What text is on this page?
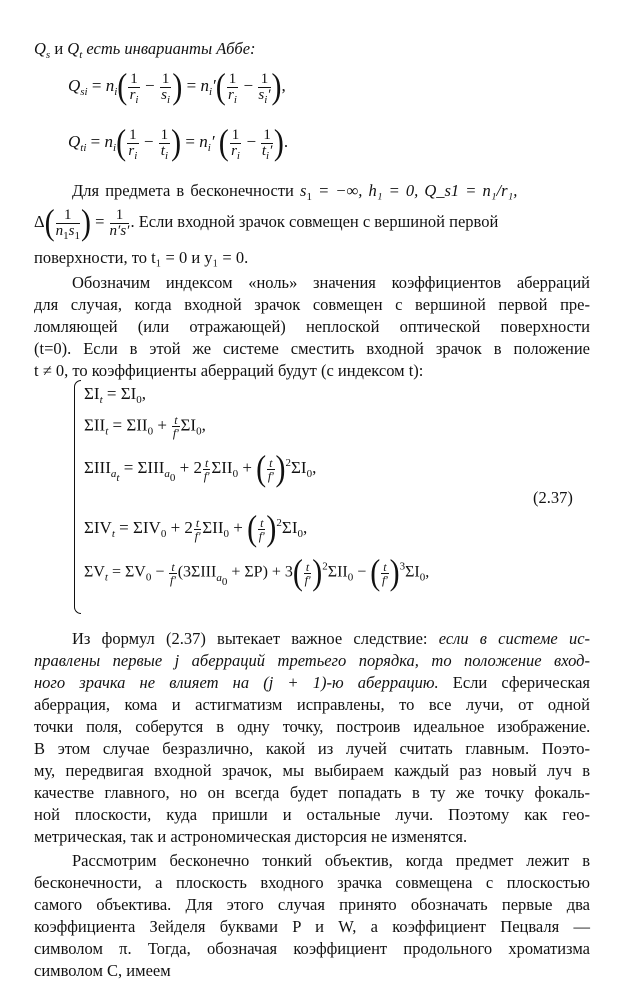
$Q_s$ и $Q_t$ есть инварианты Аббе:
$Q_{si} = n_i( \frac{1}{r_i} - \frac{1}{s_i}$ ) = $n_i'( \frac{1}{r_i} - \frac{1}{s_i'}$ ),
$Q_{ti} = n_i( \frac{1}{r_i} - \frac{1}{t_i}$ ) = $n_i'$ ( $\frac{1}{r_i} - \frac{1}{t_i'}$ ).
Для предмета в бесконечности $s_1$ = −∞, h₁ = 0, Q_s1 = n₁/r₁,
$\Delta( \frac{1}{n_1s_1}$ ) = $\frac{1}{n's'}$ . Если входной зрачок совмещен с вершиной первой
поверхности, то t₁ = 0 и y₁ = 0.
Обозначим индексом «ноль» значения коэффициентов аберраций
для случая, когда входной зрачок совмещен с вершиной первой пре-
ломляющей (или отражающей) неплоской оптической поверхности
(t=0). Если в этой же системе сместить входной зрачок в положение
t ≠ 0, то коэффициенты аберраций будут (с индексом t):
$\Sigma I_t = \Sigma I_0$,
$\Sigma II_t = \Sigma II_0 + \frac{t}{f'} \Sigma I_0$,
$\Sigma III_{a_t} = \Sigma III_{a_0} + 2 \frac{t}{f'} \Sigma II_0$ + ( $\frac{t}{f'} )^2\Sigma I_0$,
$\Sigma IV_t = \Sigma IV_0 + 2 \frac{t}{f'} \Sigma II_0$ + ( $\frac{t}{f'} )^2\Sigma I_0$,
$\Sigma V_t = \Sigma V_0 - \frac{t}{f'} (3\Sigma III_{a_0} + \Sigma P) + 3( \frac{t}{f'} )^2\Sigma II_0$ − ( $\frac{t}{f'} )^3\Sigma I_0$,
(2.37)
Из формул (2.37) вытекает важное следствие: если в системе ис-
правлены первые j аберраций третьего порядка, то положение вход-
ного зрачка не влияет на (j + 1)-ю аберрацию. Если сферическая
аберрация, кома и астигматизм исправлены, то все лучи, от одной
точки поля, соберутся в одну точку, построив идеальное изображение.
В этом случае безразлично, какой из лучей считать главным. Поэто-
му, передвигая входной зрачок, мы выбираем каждый раз новый луч в
качестве главного, но он всегда будет попадать в ту же точку фокаль-
ной плоскости, куда пришли и остальные лучи. Поэтому как гео-
метрическая, так и астрономическая дисторсия не изменятся.
Рассмотрим бесконечно тонкий объектив, когда предмет лежит в
бесконечности, а плоскость входного зрачка совмещена с плоскостью
самого объектива. Для этого случая принято обозначать первые два
коэффициента Зейделя буквами P и W, а коэффициент Пецваля —
символом π. Тогда, обозначая коэффициент продольного хроматизма
символом C, имеем
